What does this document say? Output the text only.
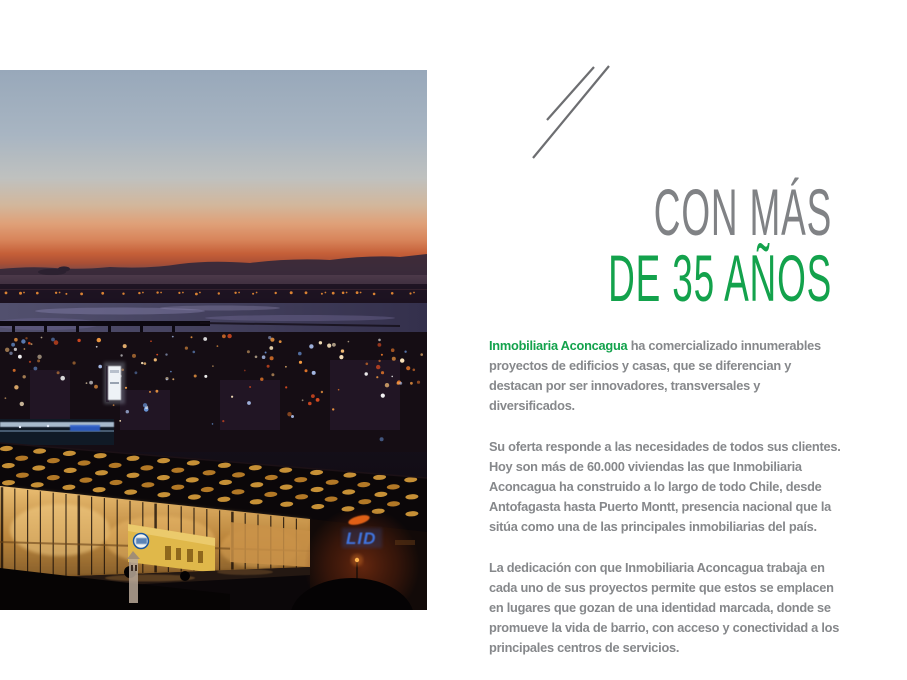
LID
CON MÁS
DE 35 AÑOS

Inmobiliaria Aconcagua ha comercializado innumerables proyectos de edificios y casas, que se diferencian y destacan por ser innovadores, transversales y diversificados.

Su oferta responde a las necesidades de todos sus clientes. Hoy son más de 60.000 viviendas las que Inmobiliaria Aconcagua ha construido a lo largo de todo Chile, desde Antofagasta hasta Puerto Montt, presencia nacional que la sitúa como una de las principales inmobiliarias del país.

La dedicación con que Inmobiliaria Aconcagua trabaja en cada uno de sus proyectos permite que estos se emplacen en lugares que gozan de una identidad marcada, donde se promueve la vida de barrio, con acceso y conectividad a los principales centros de servicios.
